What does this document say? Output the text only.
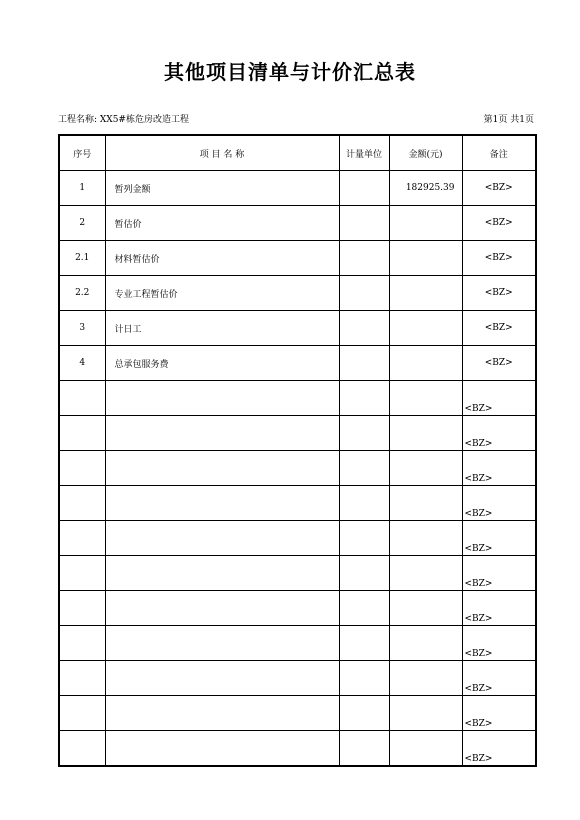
其他项目清单与计价汇总表
工程名称: XX5#栋危房改造工程	第1页 共1页
序号	项 目 名 称	计量单位	金额(元)	备注
1	暂列金额		182925.39	<BZ>
2	暂估价			<BZ>
2.1	材料暂估价			<BZ>
2.2	专业工程暂估价			<BZ>
3	计日工			<BZ>
4	总承包服务费			<BZ>
				<BZ>
				<BZ>
				<BZ>
				<BZ>
				<BZ>
				<BZ>
				<BZ>
				<BZ>
				<BZ>
				<BZ>
				<BZ>
